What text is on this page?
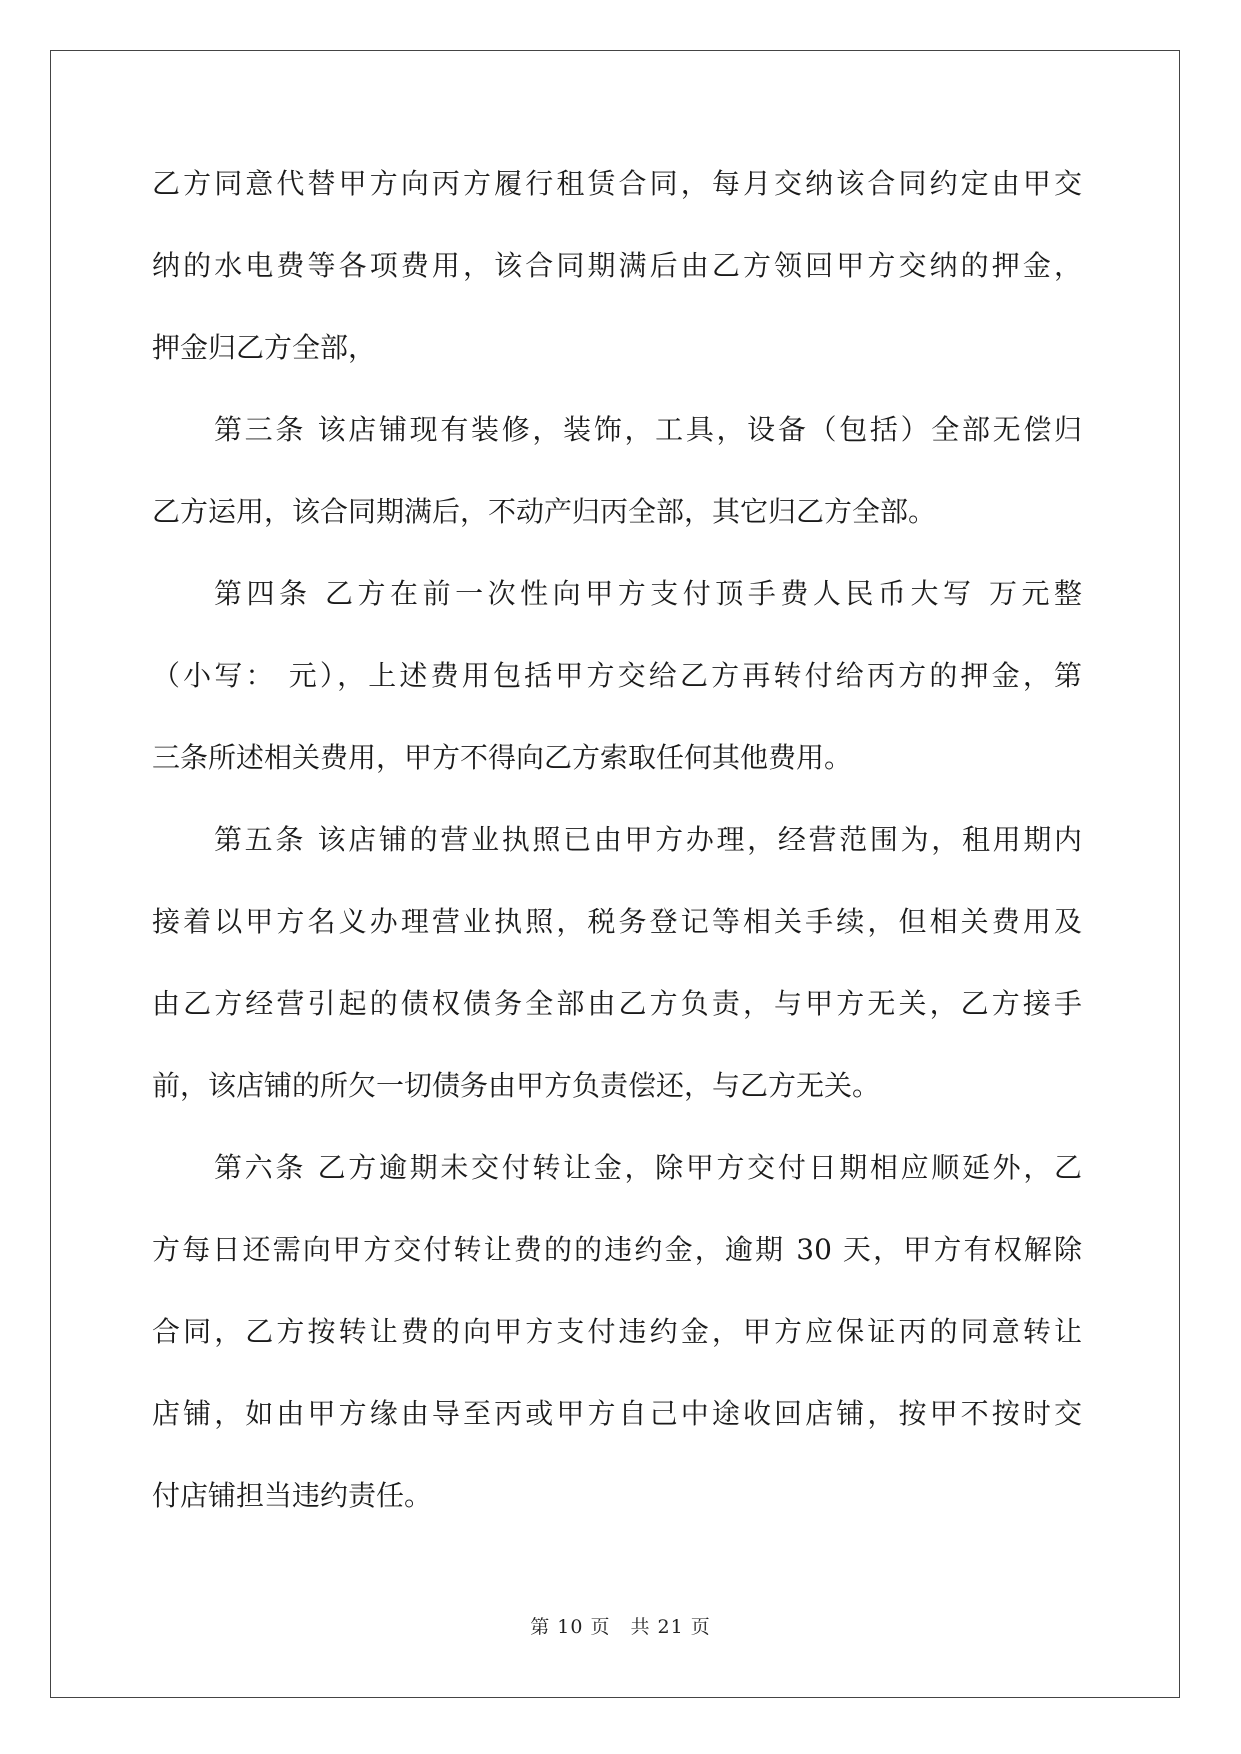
乙方同意代替甲方向丙方履行租赁合同，每月交纳该合同约定由甲交
纳的水电费等各项费用，该合同期满后由乙方领回甲方交纳的押金，
押金归乙方全部，
第三条 该店铺现有装修，装饰，工具，设备（包括）全部无偿归
乙方运用，该合同期满后，不动产归丙全部，其它归乙方全部。
第四条 乙方在前一次性向甲方支付顶手费人民币大写 万元整
（小写： 元），上述费用包括甲方交给乙方再转付给丙方的押金，第
三条所述相关费用，甲方不得向乙方索取任何其他费用。
第五条 该店铺的营业执照已由甲方办理，经营范围为，租用期内
接着以甲方名义办理营业执照，税务登记等相关手续，但相关费用及
由乙方经营引起的债权债务全部由乙方负责，与甲方无关，乙方接手
前，该店铺的所欠一切债务由甲方负责偿还，与乙方无关。
第六条 乙方逾期未交付转让金，除甲方交付日期相应顺延外，乙
方每日还需向甲方交付转让费的的违约金，逾期 30 天，甲方有权解除
合同，乙方按转让费的向甲方支付违约金，甲方应保证丙的同意转让
店铺，如由甲方缘由导至丙或甲方自己中途收回店铺，按甲不按时交
付店铺担当违约责任。
第 10 页　共 21 页
